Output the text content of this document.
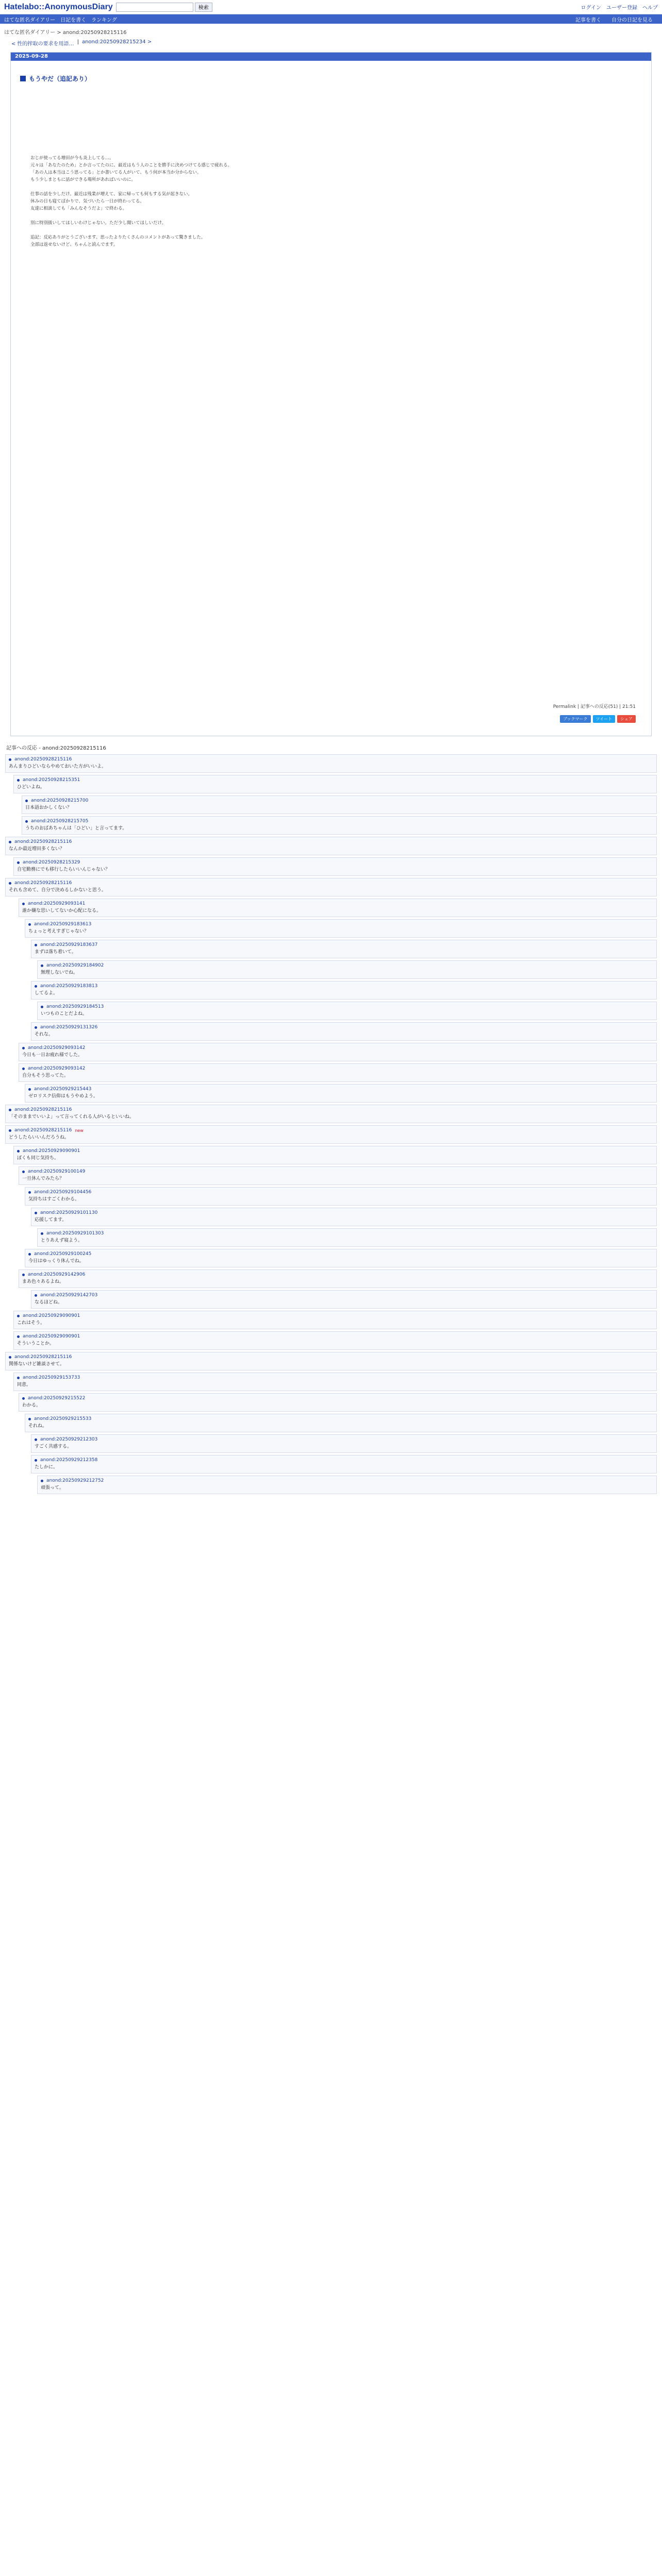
Hatelabo::AnonymousDiary	検索	ログイン ユーザー登録 ヘルプ
はてな匿名ダイアリー 日記を書く ランキング	記事を書く 自分の日記を見る
はてな匿名ダイアリー > anond:20250928215116
< 性的搾取の要求を用語… | anond:20250928215234 >
2025-09-28
もうやだ（追記あり）

おじが使ってる増田が今も炎上してる…。

元々は「あなたのため」とか言ってたのに、最近はもう人のことを勝手に決めつけてる感じで疲れる。

「あの人は本当はこう思ってる」とか書いてる人がいて、もう何が本当か分からない。

もう少しまともに話ができる場所があればいいのに。

仕事の話を少しだけ。最近は残業が増えて、家に帰っても何もする気が起きない。

休みの日も寝てばかりで、気づいたら一日が終わってる。

友達に相談しても「みんなそうだよ」で終わる。

別に特別扱いしてほしいわけじゃない。ただ少し聞いてほしいだけ。

追記：反応ありがとうございます。思ったよりたくさんのコメントがあって驚きました。

全部は返せないけど、ちゃんと読んでます。

Permalink | 記事への反応(51) | 21:51
ブックマーク	ツイート	シェア
記事への反応 - anond:20250928215116
anond:20250928215116
あんまりひどいならやめておいた方がいいよ。
anond:20250928215351
ひどいよね。
anond:20250928215700
日本語おかしくない？
anond:20250928215705
うちのおばあちゃんは「ひどい」と言ってます。
anond:20250928215116
なんか最近増田多くない？
anond:20250928215329
自宅勤務にでも移行したらいいんじゃない？
anond:20250928215116
それも含めて、自分で決めるしかないと思う。
anond:20250929093141
誰か嫌な思いしてないか心配になる。
anond:20250929183613
ちょっと考えすぎじゃない？
anond:20250929183637
まずは落ち着いて。
anond:20250929184902
無理しないでね。
anond:20250929183813
してるよ。
anond:20250929184513
いつものことだよね。
anond:20250929131326
それな。
anond:20250929093142
今日も一日お疲れ様でした。
anond:20250929093142
自分もそう思ってた。
anond:20250929215443
ゼロリスク信仰はもうやめよう。
anond:20250928215116
「そのままでいいよ」って言ってくれる人がいるといいね。
anond:20250928215116 new
どうしたらいいんだろうね。
anond:20250929090901
ぼくも同じ気持ち。
anond:20250929100149
一旦休んでみたら？
anond:20250929104456
気持ちはすごくわかる。
anond:20250929101130
応援してます。
anond:20250929101303
とりあえず寝よう。
anond:20250929100245
今日はゆっくり休んでね。
anond:20250929142906
まあ色々あるよね。
anond:20250929142703
なるほどね。
anond:20250929090901
これはそう。
anond:20250929090901
そういうことか。
anond:20250928215116
関係ないけど雑談させて。
anond:20250929153733
同意。
anond:20250929215522
わかる。
anond:20250929215533
それね。
anond:20250929212303
すごく共感する。
anond:20250929212358
たしかに。
anond:20250929212752
頑張って。
